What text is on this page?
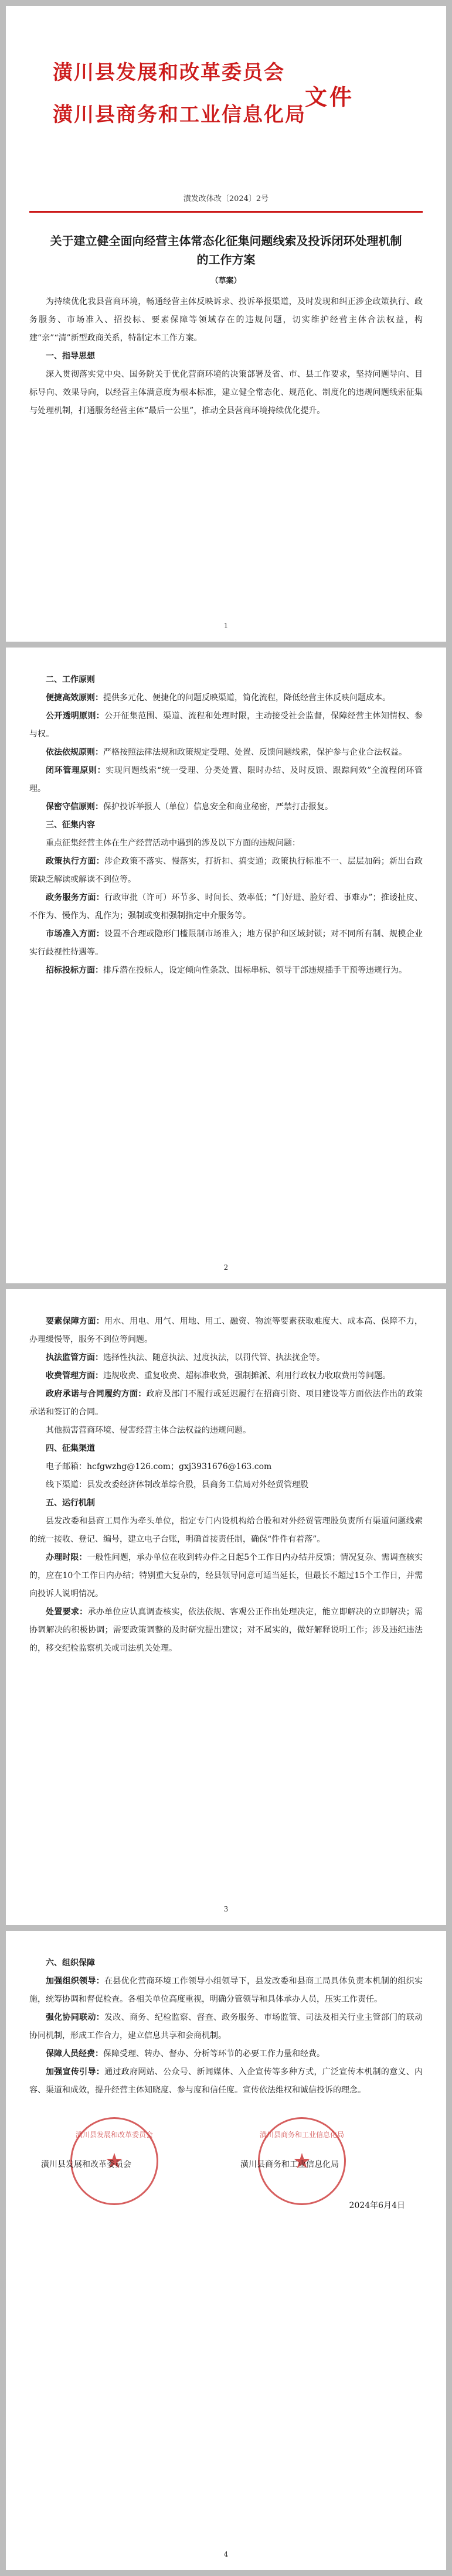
潢川县发展和改革委员会
潢川县商务和工业信息化局
文件
潢发改体改〔2024〕2号
关于建立健全面向经营主体常态化征集问题线索及投诉闭环处理机制的工作方案
（草案）

为持续优化我县营商环境，畅通经营主体反映诉求、投诉举报渠道，及时发现和纠正涉企政策执行、政务服务、市场准入、招投标、要素保障等领域存在的违规问题，切实维护经营主体合法权益，构建“亲”“清”新型政商关系，特制定本工作方案。

一、指导思想

深入贯彻落实党中央、国务院关于优化营商环境的决策部署及省、市、县工作要求，坚持问题导向、目标导向、效果导向，以经营主体满意度为根本标准，建立健全常态化、规范化、制度化的违规问题线索征集与处理机制，打通服务经营主体“最后一公里”，推动全县营商环境持续优化提升。

1

二、工作原则

便捷高效原则：提供多元化、便捷化的问题反映渠道，简化流程，降低经营主体反映问题成本。

公开透明原则：公开征集范围、渠道、流程和处理时限，主动接受社会监督，保障经营主体知情权、参与权。

依法依规原则：严格按照法律法规和政策规定受理、处置、反馈问题线索，保护参与企业合法权益。

闭环管理原则：实现问题线索“统一受理、分类处置、限时办结、及时反馈、跟踪问效”全流程闭环管理。

保密守信原则：保护投诉举报人（单位）信息安全和商业秘密，严禁打击报复。

三、征集内容

重点征集经营主体在生产经营活动中遇到的涉及以下方面的违规问题：

政策执行方面：涉企政策不落实、慢落实，打折扣、搞变通；政策执行标准不一、层层加码；新出台政策缺乏解读或解读不到位等。

政务服务方面：行政审批（许可）环节多、时间长、效率低；“门好进、脸好看、事难办”；推诿扯皮、不作为、慢作为、乱作为；强制或变相强制指定中介服务等。

市场准入方面：设置不合理或隐形门槛限制市场准入；地方保护和区域封锁；对不同所有制、规模企业实行歧视性待遇等。

招标投标方面：排斥潜在投标人，设定倾向性条款、围标串标、领导干部违规插手干预等违规行为。

2

要素保障方面：用水、用电、用气、用地、用工、融资、物流等要素获取难度大、成本高、保障不力，办理缓慢等，服务不到位等问题。

执法监管方面：选择性执法、随意执法、过度执法，以罚代管、执法扰企等。

收费管理方面：违规收费、重复收费、超标准收费，强制摊派、利用行政权力收取费用等问题。

政府承诺与合同履约方面：政府及部门不履行或延迟履行在招商引资、项目建设等方面依法作出的政策承诺和签订的合同。

其他损害营商环境、侵害经营主体合法权益的违规问题。

四、征集渠道

电子邮箱：hcfgwzhg@126.com；gxj3931676@163.com

线下渠道：县发改委经济体制改革综合股，县商务工信局对外经贸管理股

五、运行机制

县发改委和县商工局作为牵头单位，指定专门内设机构给合股和对外经贸管理股负责所有渠道问题线索的统一接收、登记、编号，建立电子台账，明确首接责任制，确保“件件有着落”。

办理时限：一般性问题，承办单位在收到转办件之日起5个工作日内办结并反馈；情况复杂、需调查核实的，应在10个工作日内办结；特别重大复杂的，经县领导同意可适当延长，但最长不超过15个工作日，并需向投诉人说明情况。

处置要求：承办单位应认真调查核实，依法依规、客观公正作出处理决定，能立即解决的立即解决；需协调解决的积极协调；需要政策调整的及时研究提出建议；对不属实的，做好解释说明工作；涉及违纪违法的，移交纪检监察机关或司法机关处理。

3

六、组织保障

加强组织领导：在县优化营商环境工作领导小组领导下，县发改委和县商工局具体负责本机制的组织实施，统筹协调和督促检查。各相关单位高度重视，明确分管领导和具体承办人员，压实工作责任。

强化协同联动：发改、商务、纪检监察、督查、政务服务、市场监管、司法及相关行业主管部门的联动协同机制，形成工作合力，建立信息共享和会商机制。

保障人员经费：保障受理、转办、督办、分析等环节的必要工作力量和经费。

加强宣传引导：通过政府网站、公众号、新闻媒体、入企宣传等多种方式，广泛宣传本机制的意义、内容、渠道和成效，提升经营主体知晓度、参与度和信任度。宣传依法维权和诚信投诉的理念。

潢川县发展和改革委员会
★	潢川县商务和工业信息化局
★
潢川县发展和改革委员会	潢川县商务和工业信息化局
2024年6月4日
4
